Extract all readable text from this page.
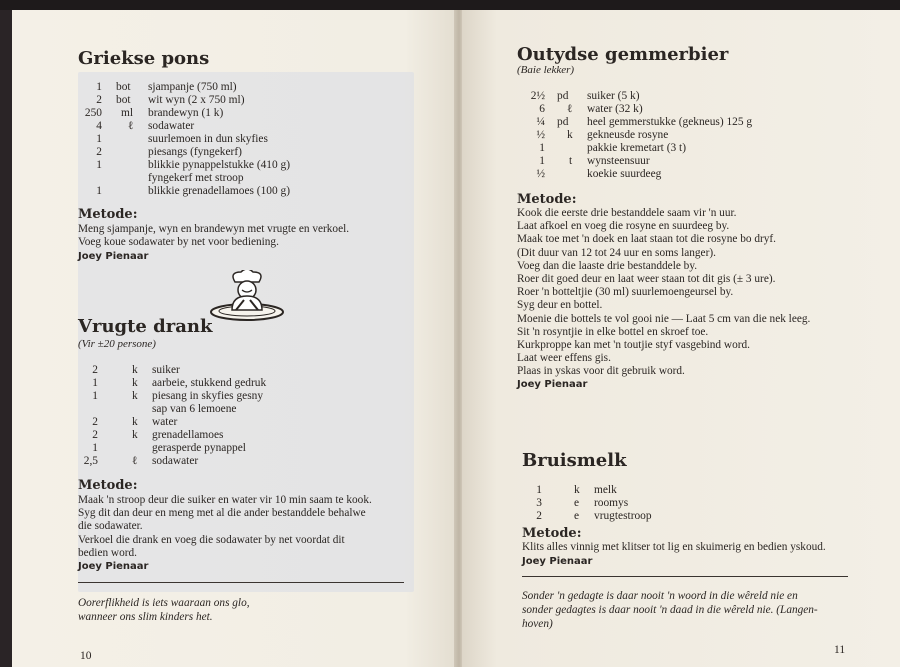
Griekse pons
1 bot sjampanje (750 ml)
2 bot wit wyn (2 x 750 ml)
250 ml brandewyn (1 k)
4 ℓ sodawater
1	suurlemoen in dun skyfies
2	piesangs (fyngekerf)
1	blikkie pynappelstukke (410 g)
fyngekerf met stroop
1	blikkie grenadellamoes (100 g)
Metode:
Meng sjampanje, wyn en brandewyn met vrugte en verkoel.
Voeg koue sodawater by net voor bediening.
Joey Pienaar
Vrugte drank
(Vir ±20 persone)
2	k suiker
1	k aarbeie, stukkend gedruk
1	k piesang in skyfies gesny
sap van 6 lemoene
2	k water
2	k grenadellamoes
1	gerasperde pynappel
2,5	ℓ sodawater
Metode:
Maak 'n stroop deur die suiker en water vir 10 min saam te kook.
Syg dit dan deur en meng met al die ander bestanddele behalwe
die sodawater.
Verkoel die drank en voeg die sodawater by net voordat dit
bedien word.
Joey Pienaar
Oorerflikheid is iets waaraan ons glo,
wanneer ons slim kinders het.
10
Outydse gemmerbier
(Baie lekker)
2½ pd suiker (5 k)
6 ℓ water (32 k)
¼ pd heel gemmerstukke (gekneus) 125 g
½ k gekneusde rosyne
1	pakkie kremetart (3 t)
1 t wynsteensuur
½	koekie suurdeeg
Metode:
Kook die eerste drie bestanddele saam vir 'n uur.
Laat afkoel en voeg die rosyne en suurdeeg by.
Maak toe met 'n doek en laat staan tot die rosyne bo dryf.
(Dit duur van 12 tot 24 uur en soms langer).
Voeg dan die laaste drie bestanddele by.
Roer dit goed deur en laat weer staan tot dit gis (± 3 ure).
Roer 'n botteltjie (30 ml) suurlemoengeursel by.
Syg deur en bottel.
Moenie die bottels te vol gooi nie — Laat 5 cm van die nek leeg.
Sit 'n rosyntjie in elke bottel en skroef toe.
Kurkproppe kan met 'n toutjie styf vasgebind word.
Laat weer effens gis.
Plaas in yskas voor dit gebruik word.
Joey Pienaar
Bruismelk
1	k melk
3	e roomys
2	e vrugtestroop
Metode:
Klits alles vinnig met klitser tot lig en skuimerig en bedien yskoud.
Joey Pienaar
Sonder 'n gedagte is daar nooit 'n woord in die wêreld nie en
sonder gedagtes is daar nooit 'n daad in die wêreld nie. (Langen-
hoven)
11
